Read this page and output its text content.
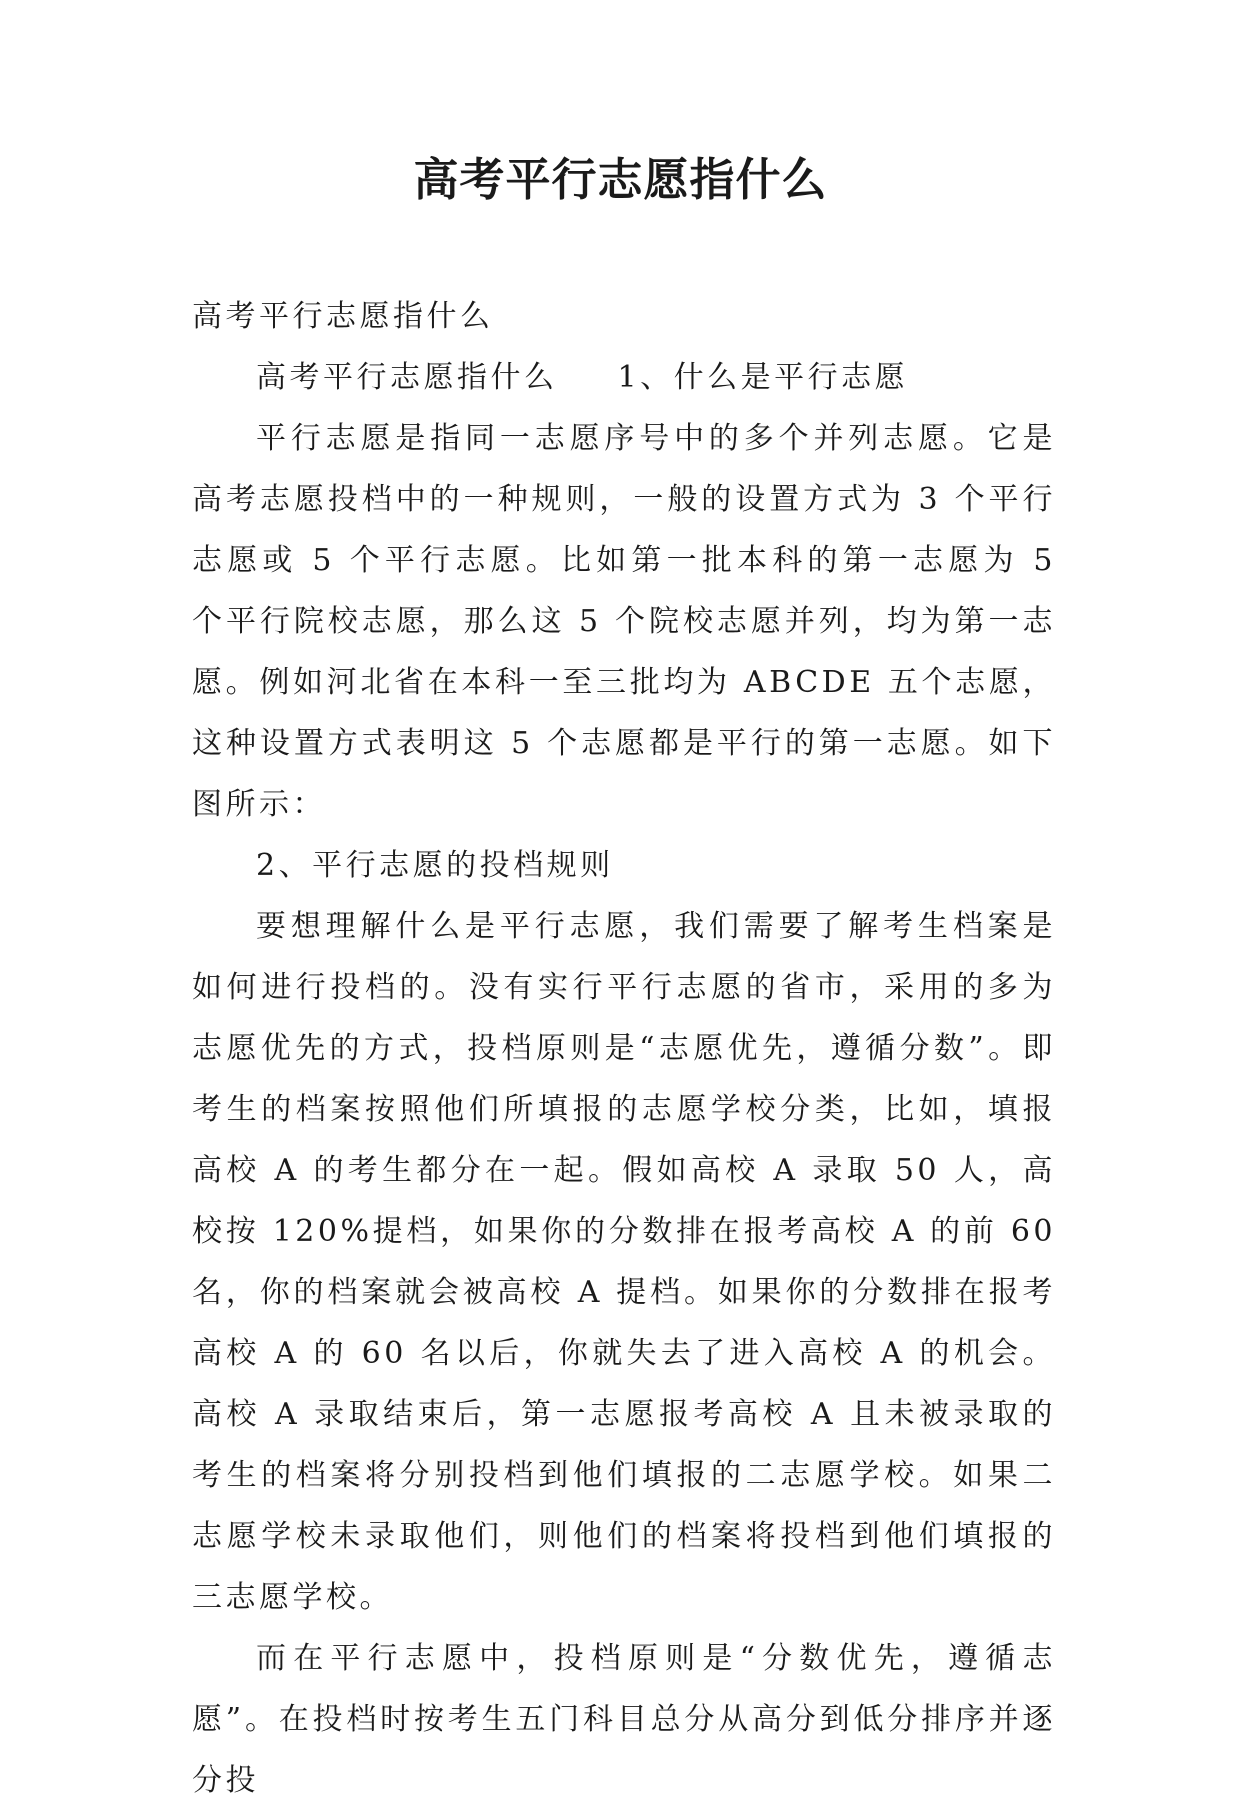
高考平行志愿指什么

高考平行志愿指什么

高考平行志愿指什么 1、什么是平行志愿

平行志愿是指同一志愿序号中的多个并列志愿。它是高考志愿投档中的一种规则，一般的设置方式为 3 个平行志愿或 5 个平行志愿。比如第一批本科的第一志愿为 5 个平行院校志愿，那么这 5 个院校志愿并列，均为第一志愿。例如河北省在本科一至三批均为 ABCDE 五个志愿，这种设置方式表明这 5 个志愿都是平行的第一志愿。如下图所示：

2、平行志愿的投档规则

要想理解什么是平行志愿，我们需要了解考生档案是如何进行投档的。没有实行平行志愿的省市，采用的多为志愿优先的方式，投档原则是“志愿优先，遵循分数”。即考生的档案按照他们所填报的志愿学校分类，比如，填报高校 A 的考生都分在一起。假如高校 A 录取 50 人，高校按 120%提档，如果你的分数排在报考高校 A 的前 60 名，你的档案就会被高校 A 提档。如果你的分数排在报考高校 A 的 60 名以后，你就失去了进入高校 A 的机会。高校 A 录取结束后，第一志愿报考高校 A 且未被录取的考生的档案将分别投档到他们填报的二志愿学校。如果二志愿学校未录取他们，则他们的档案将投档到他们填报的三志愿学校。

而在平行志愿中，投档原则是“分数优先，遵循志愿”。在投档时按考生五门科目总分从高分到低分排序并逐分投
